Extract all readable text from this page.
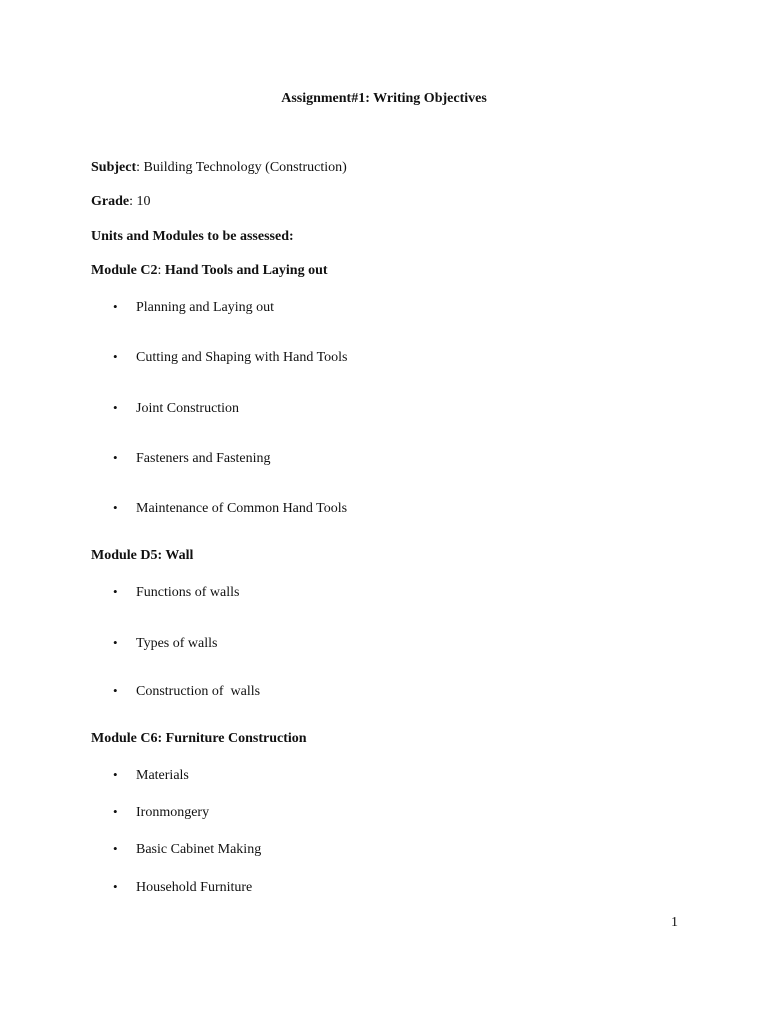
Assignment#1: Writing Objectives
Subject: Building Technology (Construction)
Grade: 10
Units and Modules to be assessed:
Module C2: Hand Tools and Laying out
• Planning and Laying out
• Cutting and Shaping with Hand Tools
• Joint Construction
• Fasteners and Fastening
• Maintenance of Common Hand Tools
Module D5: Wall
• Functions of walls
• Types of walls
• Construction of  walls
Module C6: Furniture Construction
• Materials
• Ironmongery
• Basic Cabinet Making
• Household Furniture
1
